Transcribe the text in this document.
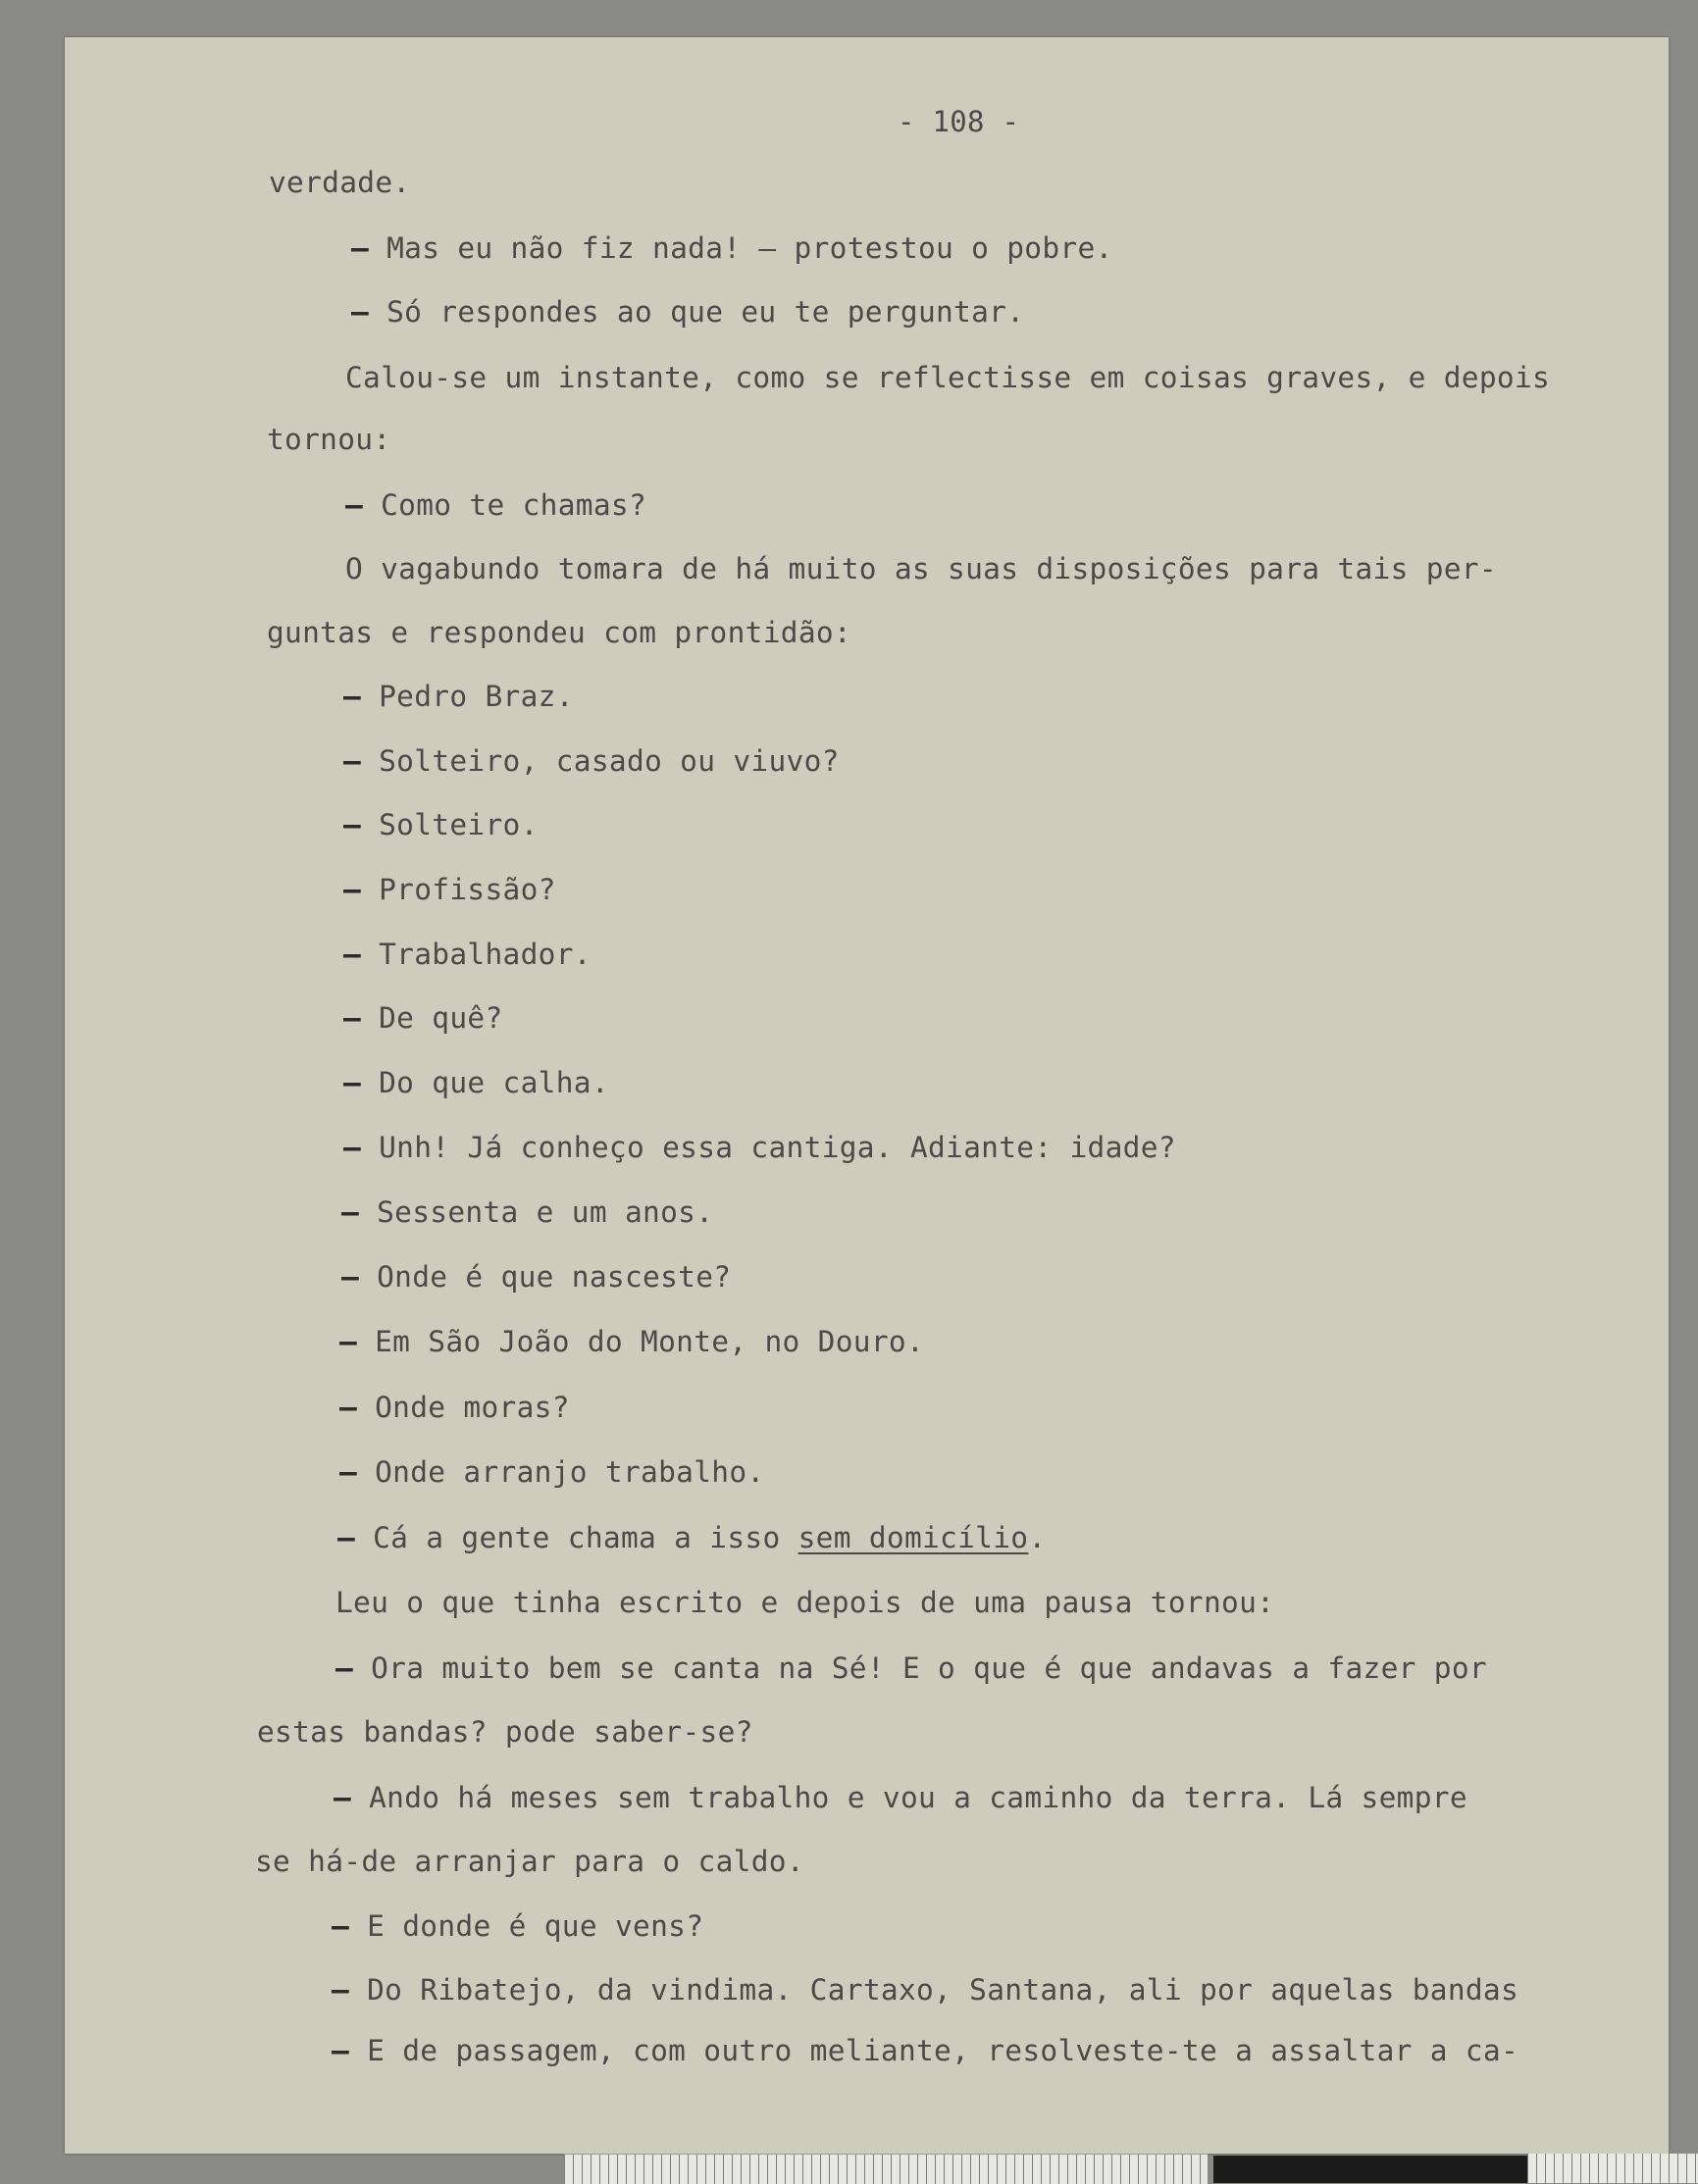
- 108 -

verdade.

— Mas eu não fiz nada! — protestou o pobre.

— Só respondes ao que eu te perguntar.

Calou-se um instante, como se reflectisse em coisas graves, e depois

tornou:

— Como te chamas?

O vagabundo tomara de há muito as suas disposições para tais per-

guntas e respondeu com prontidão:

— Pedro Braz.

— Solteiro, casado ou viuvo?

— Solteiro.

— Profissão?

— Trabalhador.

— De quê?

— Do que calha.

— Unh! Já conheço essa cantiga. Adiante: idade?

— Sessenta e um anos.

— Onde é que nasceste?

— Em São João do Monte, no Douro.

— Onde moras?

— Onde arranjo trabalho.

— Cá a gente chama a isso sem domicílio.

Leu o que tinha escrito e depois de uma pausa tornou:

— Ora muito bem se canta na Sé! E o que é que andavas a fazer por

estas bandas? pode saber-se?

— Ando há meses sem trabalho e vou a caminho da terra. Lá sempre

se há-de arranjar para o caldo.

— E donde é que vens?

— Do Ribatejo, da vindima. Cartaxo, Santana, ali por aquelas bandas

— E de passagem, com outro meliante, resolveste-te a assaltar a ca-
